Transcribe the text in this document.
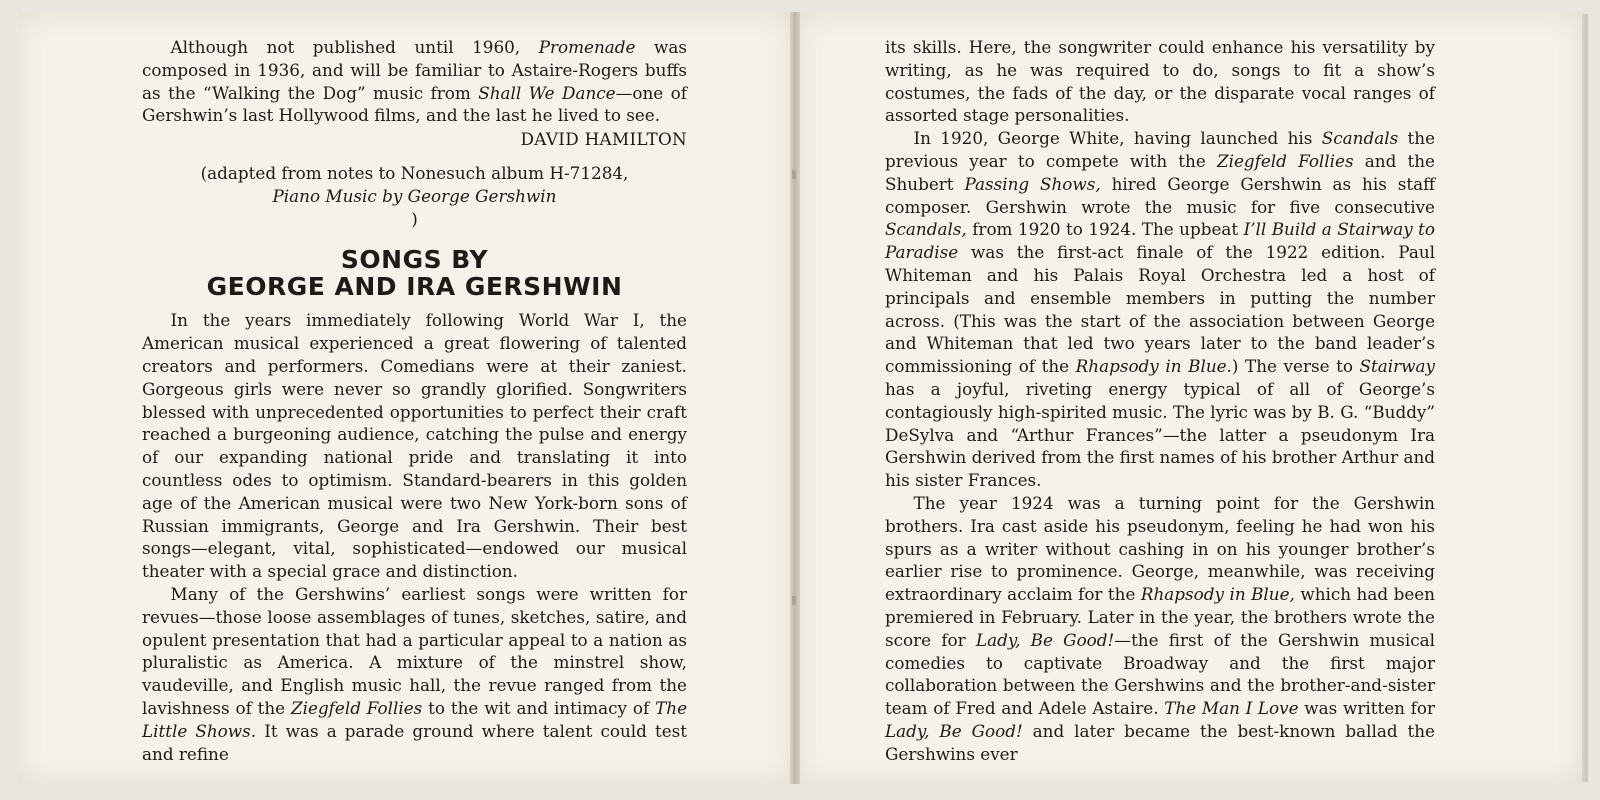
Although not published until 1960, Promenade was composed in 1936, and will be familiar to Astaire-Rogers buffs as the “Walking the Dog” music from Shall We Dance—one of Gershwin’s last Hollywood films, and the last he lived to see.

DAVID HAMILTON
(adapted from notes to Nonesuch album H-71284,
Piano Music by George Gershwin
)
SONGS BY
GEORGE AND IRA GERSHWIN

In the years immediately following World War I, the American musical experienced a great flowering of talented creators and performers. Comedians were at their zaniest. Gorgeous girls were never so grandly glorified. Songwriters blessed with unprecedented opportunities to perfect their craft reached a burgeoning audience, catching the pulse and energy of our expanding national pride and translating it into countless odes to optimism. Standard-bearers in this golden age of the American musical were two New York-born sons of Russian immigrants, George and Ira Gershwin. Their best songs—elegant, vital, sophisticated—endowed our musical theater with a special grace and distinction.

Many of the Gershwins’ earliest songs were written for revues—those loose assemblages of tunes, sketches, satire, and opulent presentation that had a particular appeal to a nation as pluralistic as America. A mixture of the minstrel show, vaudeville, and English music hall, the revue ranged from the lavishness of the Ziegfeld Follies to the wit and intimacy of The Little Shows. It was a parade ground where talent could test and refine

its skills. Here, the songwriter could enhance his versatility by writing, as he was required to do, songs to fit a show’s costumes, the fads of the day, or the disparate vocal ranges of assorted stage personalities.

In 1920, George White, having launched his Scandals the previous year to compete with the Ziegfeld Follies and the Shubert Passing Shows, hired George Gershwin as his staff composer. Gershwin wrote the music for five consecutive Scandals, from 1920 to 1924. The upbeat I’ll Build a Stairway to Paradise was the first-act finale of the 1922 edition. Paul Whiteman and his Palais Royal Orchestra led a host of principals and ensemble members in putting the number across. (This was the start of the association between George and Whiteman that led two years later to the band leader’s commissioning of the Rhapsody in Blue.) The verse to Stairway has a joyful, riveting energy typical of all of George’s contagiously high-spirited music. The lyric was by B. G. “Buddy” DeSylva and “Arthur Frances”—the latter a pseudonym Ira Gershwin derived from the first names of his brother Arthur and his sister Frances.

The year 1924 was a turning point for the Gershwin brothers. Ira cast aside his pseudonym, feeling he had won his spurs as a writer without cashing in on his younger brother’s earlier rise to prominence. George, meanwhile, was receiving extraordinary acclaim for the Rhapsody in Blue, which had been premiered in February. Later in the year, the brothers wrote the score for Lady, Be Good!—the first of the Gershwin musical comedies to captivate Broadway and the first major collaboration between the Gershwins and the brother-and-sister team of Fred and Adele Astaire. The Man I Love was written for Lady, Be Good! and later became the best-known ballad the Gershwins ever
